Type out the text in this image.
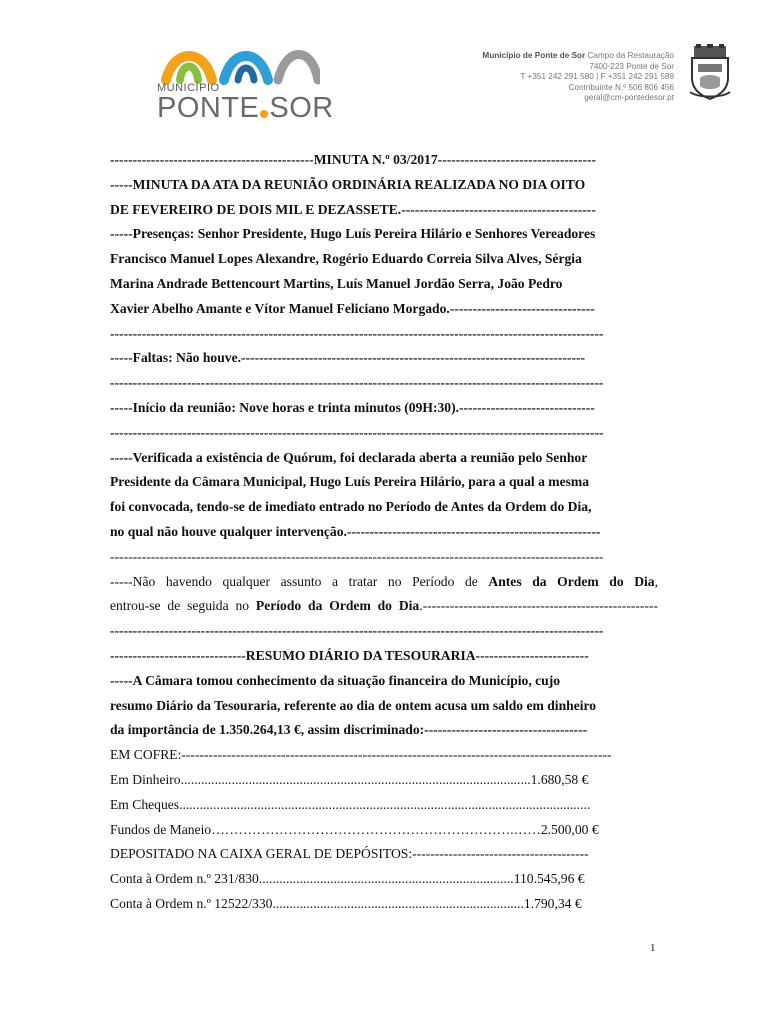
MUNICÍPIO
PONTE SOR
Município de Ponte de Sor Campo da Restauração
7400-223 Ponte de Sor
T +351 242 291 580 | F +351 242 291 589
Contribuinte N.º 506 806 456
geral@cm-pontedesor.pt
---------------------------------------------MINUTA N.º 03/2017-----------------------------------
-----MINUTA DA ATA DA REUNIÃO ORDINÁRIA REALIZADA NO DIA OITO
DE FEVEREIRO DE DOIS MIL E DEZASSETE.-------------------------------------------
-----Presenças: Senhor Presidente, Hugo Luís Pereira Hilário e Senhores Vereadores
Francisco Manuel Lopes Alexandre, Rogério Eduardo Correia Silva Alves, Sérgia
Marina Andrade Bettencourt Martins, Luís Manuel Jordão Serra, João Pedro
Xavier Abelho Amante e Vítor Manuel Feliciano Morgado.--------------------------------
-------------------------------------------------------------------------------------------------------------
-----Faltas: Não houve.----------------------------------------------------------------------------
-------------------------------------------------------------------------------------------------------------
-----Início da reunião: Nove horas e trinta minutos (09H:30).------------------------------
-------------------------------------------------------------------------------------------------------------
-----Verificada a existência de Quórum, foi declarada aberta a reunião pelo Senhor
Presidente da Câmara Municipal, Hugo Luís Pereira Hilário, para a qual a mesma
foi convocada, tendo-se de imediato entrado no Período de Antes da Ordem do Dia,
no qual não houve qualquer intervenção.--------------------------------------------------------
-------------------------------------------------------------------------------------------------------------
-----Não havendo qualquer assunto a tratar no Período de Antes da Ordem do Dia,
entrou-se de seguida no Período da Ordem do Dia.----------------------------------------------------
-------------------------------------------------------------------------------------------------------------
------------------------------RESUMO DIÁRIO DA TESOURARIA-------------------------
-----A Câmara tomou conhecimento da situação financeira do Município, cujo
resumo Diário da Tesouraria, referente ao dia de ontem acusa um saldo em dinheiro
da importância de 1.350.264,13 €, assim discriminado:------------------------------------
EM COFRE:-----------------------------------------------------------------------------------------------
Em Dinheiro.......................................................................................................1.680,58 €
Em Cheques.........................................................................................................................
Fundos de Maneio………………………………………………………….……2.500,00 €
DEPOSITADO NA CAIXA GERAL DE DEPÓSITOS:---------------------------------------
Conta à Ordem n.º 231/830...........................................................................110.545,96 €
Conta à Ordem n.º 12522/330..........................................................................1.790,34 €
1
